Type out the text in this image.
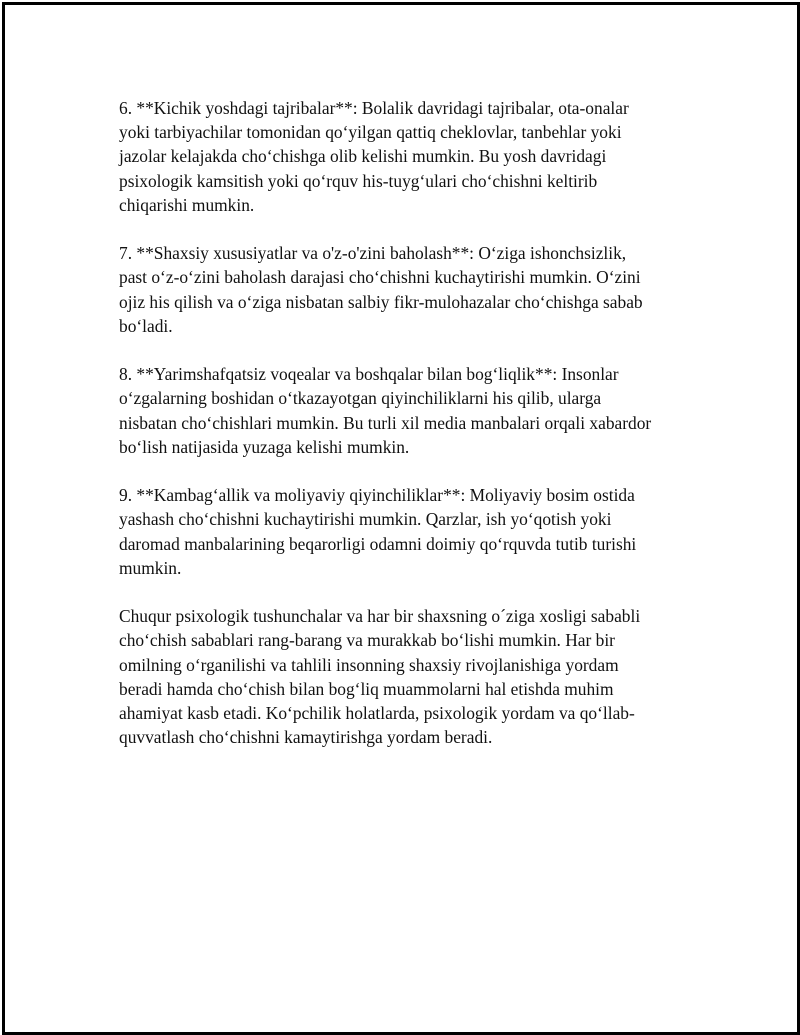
6. **Kichik yoshdagi tajribalar**: Bolalik davridagi tajribalar, ota-onalar
yoki tarbiyachilar tomonidan qo‘yilgan qattiq cheklovlar, tanbehlar yoki
jazolar kelajakda cho‘chishga olib kelishi mumkin. Bu yosh davridagi
psixologik kamsitish yoki qo‘rquv his-tuyg‘ulari cho‘chishni keltirib
chiqarishi mumkin.

7. **Shaxsiy xususiyatlar va o'z-o'zini baholash**: O‘ziga ishonchsizlik,
past o‘z-o‘zini baholash darajasi cho‘chishni kuchaytirishi mumkin. O‘zini
ojiz his qilish va o‘ziga nisbatan salbiy fikr-mulohazalar cho‘chishga sabab
bo‘ladi.

8. **Yarimshafqatsiz voqealar va boshqalar bilan bog‘liqlik**: Insonlar
o‘zgalarning boshidan o‘tkazayotgan qiyinchiliklarni his qilib, ularga
nisbatan cho‘chishlari mumkin. Bu turli xil media manbalari orqali xabardor
bo‘lish natijasida yuzaga kelishi mumkin.

9. **Kambag‘allik va moliyaviy qiyinchiliklar**: Moliyaviy bosim ostida
yashash cho‘chishni kuchaytirishi mumkin. Qarzlar, ish yo‘qotish yoki
daromad manbalarining beqarorligi odamni doimiy qo‘rquvda tutib turishi
mumkin.

Chuqur psixologik tushunchalar va har bir shaxsning o´ziga xosligi sababli
cho‘chish sabablari rang-barang va murakkab bo‘lishi mumkin. Har bir
omilning o‘rganilishi va tahlili insonning shaxsiy rivojlanishiga yordam
beradi hamda cho‘chish bilan bog‘liq muammolarni hal etishda muhim
ahamiyat kasb etadi. Ko‘pchilik holatlarda, psixologik yordam va qo‘llab-
quvvatlash cho‘chishni kamaytirishga yordam beradi.
